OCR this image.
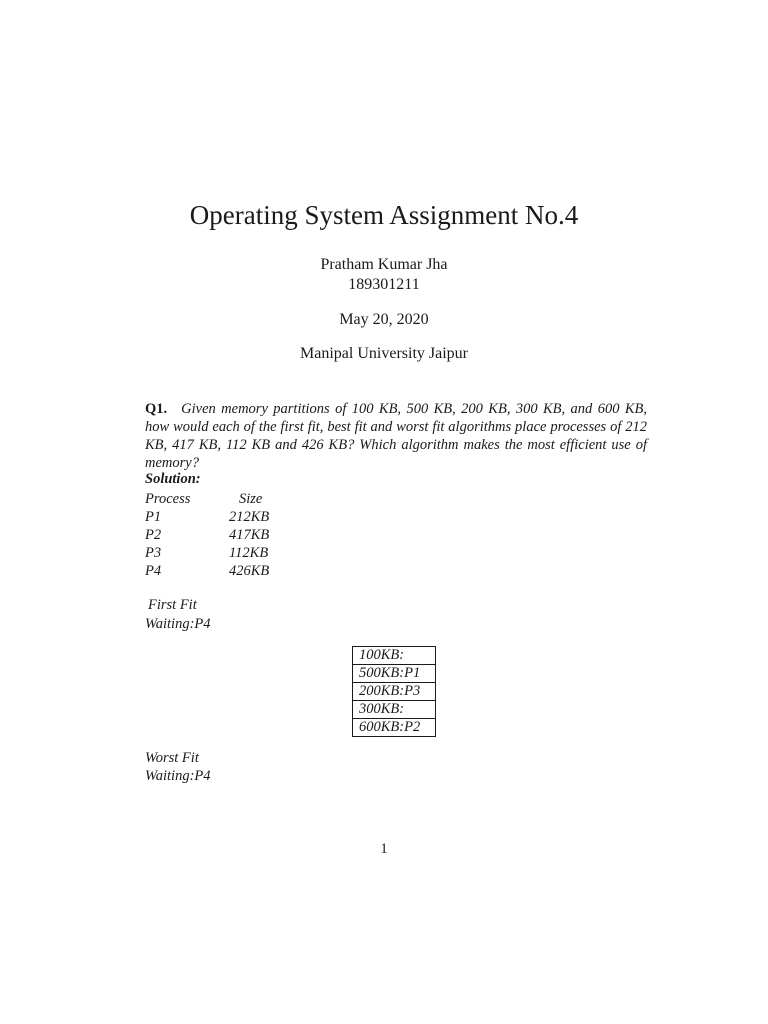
Operating System Assignment No.4
Pratham Kumar Jha
189301211
May 20, 2020
Manipal University Jaipur
Q1. Given memory partitions of 100 KB, 500 KB, 200 KB, 300 KB, and 600 KB, how would each of the first fit, best fit and worst fit algorithms place processes of 212 KB, 417 KB, 112 KB and 426 KB? Which algorithm makes the most efficient use of memory?
Solution:
Process	Size
P1	212KB
P2	417KB
P3	112KB
P4	426KB
First Fit
Waiting:P4
100KB:
500KB:P1
200KB:P3
300KB:
600KB:P2
Worst Fit
Waiting:P4
1
